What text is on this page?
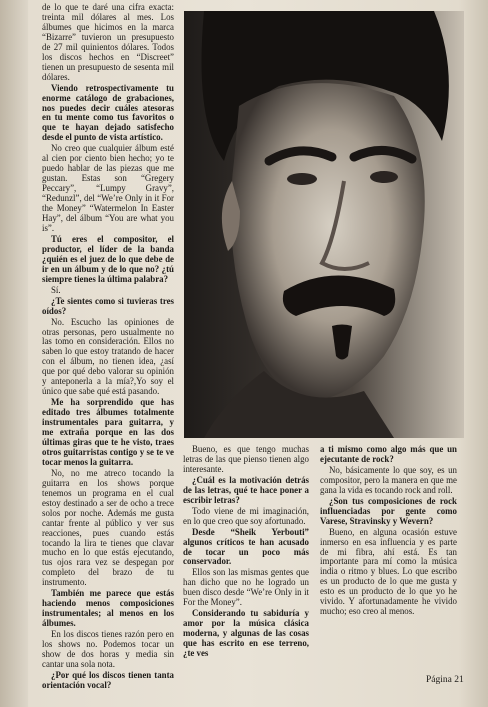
de lo que te daré una cifra exacta: treinta mil dólares al mes. Los álbumes que hicimos en la marca “Bizarre” tuvieron un presupuesto de 27 mil quinientos dólares. Todos los discos hechos en “Discreet” tienen un presupuesto de sesenta mil dólares.

Viendo retrospectivamente tu enorme catálogo de grabaciones, nos puedes decir cuáles atesoras en tu mente como tus favoritos o que te hayan dejado satisfecho desde el punto de vista artístico.

No creo que cualquier álbum esté al cien por ciento bien hecho; yo te puedo hablar de las piezas que me gustan. Estas son “Gregery Peccary”, “Lumpy Gravy”, “Redunzl”, del “We’re Only in it For the Money” “Watermelon In Easter Hay”, del álbum “You are what you is”.

Tú eres el compositor, el productor, el líder de la banda ¿quién es el juez de lo que debe de ir en un álbum y de lo que no? ¿tú siempre tienes la última palabra?

Sí.

¿Te sientes como si tuvieras tres oídos?

No. Escucho las opiniones de otras personas, pero usualmente no las tomo en consideración. Ellos no saben lo que estoy tratando de hacer con el álbum, no tienen idea, ¿así que por qué debo valorar su opinión y anteponerla a la mía?,Yo soy el único que sabe qué está pasando.

Me ha sorprendido que has editado tres álbumes totalmente instrumentales para guitarra, y me extraña porque en las dos últimas giras que te he visto, traes otros guitarristas contigo y se te ve tocar menos la guitarra.

No, no me atreco tocando la guitarra en los shows porque tenemos un programa en el cual estoy destinado a ser de ocho a trece solos por noche. Además me gusta cantar frente al público y ver sus reacciones, pues cuando estás tocando la lira te tienes que clavar mucho en lo que estás ejecutando, tus ojos rara vez se despegan por completo del brazo de tu instrumento.

También me parece que estás haciendo menos composiciones instrumentales; al menos en los álbumes.

En los discos tienes razón pero en los shows no. Podemos tocar un show de dos horas y media sin cantar una sola nota.

¿Por qué los discos tienen tanta orientación vocal?

Bueno, es que tengo muchas letras de las que pienso tienen algo interesante.

¿Cuál es la motivación detrás de las letras, qué te hace poner a escribir letras?

Todo viene de mi imaginación, en lo que creo que soy afortunado.

Desde “Sheik Yerbouti” algunos críticos te han acusado de tocar un poco más conservador.

Ellos son las mismas gentes que han dicho que no he logrado un buen disco desde “We’re Only in it For the Money”.

Considerando tu sabiduría y amor por la música clásica moderna, y algunas de las cosas que has escrito en ese terreno, ¿te ves

a ti mismo como algo más que un ejecutante de rock?

No, básicamente lo que soy, es un compositor, pero la manera en que me gana la vida es tocando rock and roll.

¿Son tus composiciones de rock influenciadas por gente como Varese, Stravinsky y Wevern?

Bueno, en alguna ocasión estuve inmerso en esa influencia y es parte de mi fibra, ahí está. Es tan importante para mí como la música india o ritmo y blues. Lo que escribo es un producto de lo que me gusta y esto es un producto de lo que yo he vivido. Y afortunadamente he vivido mucho; eso creo al menos.

Página 21
